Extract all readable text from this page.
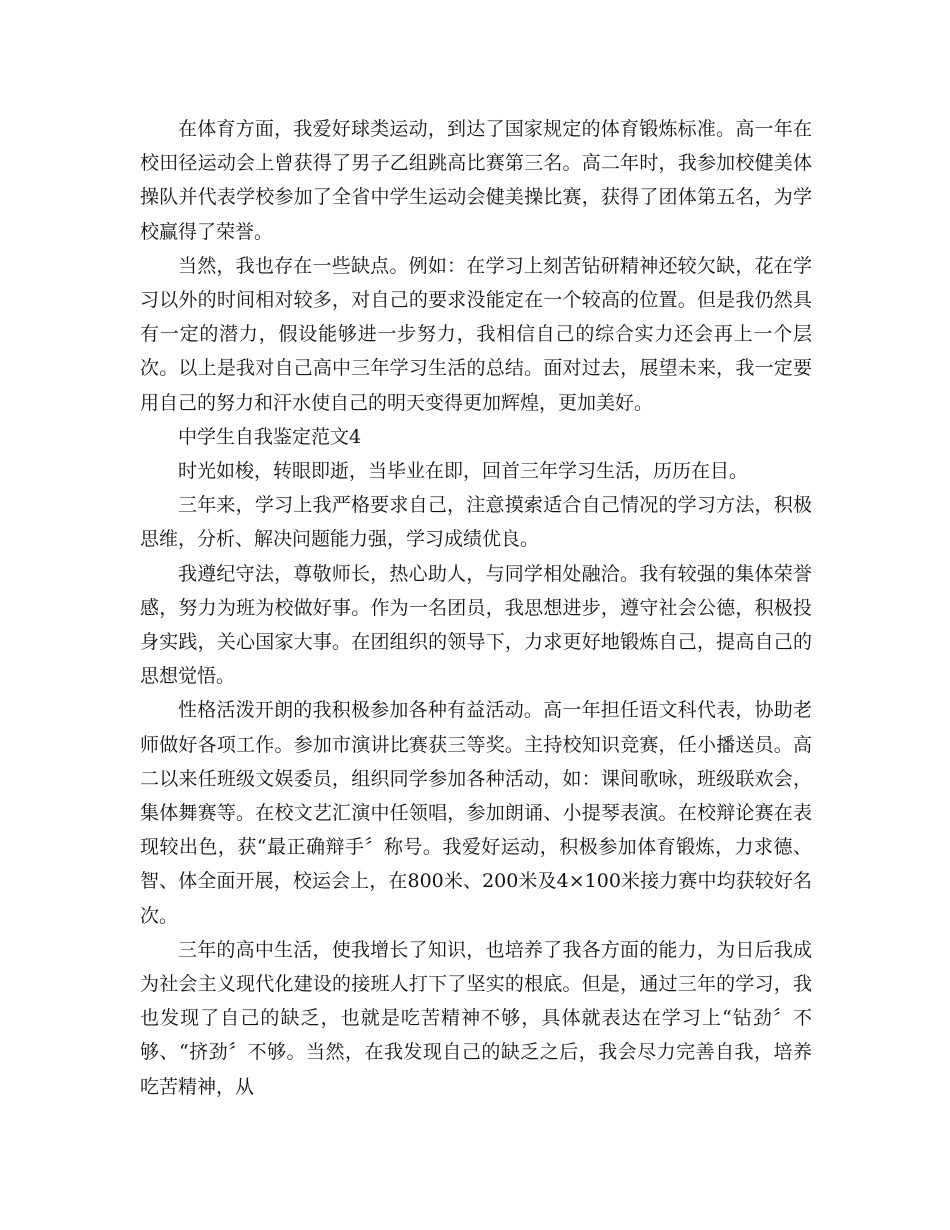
在体育方面，我爱好球类运动，到达了国家规定的体育锻炼标准。高一年在校田径运动会上曾获得了男子乙组跳高比赛第三名。高二年时，我参加校健美体操队并代表学校参加了全省中学生运动会健美操比赛，获得了团体第五名，为学校赢得了荣誉。

当然，我也存在一些缺点。例如：在学习上刻苦钻研精神还较欠缺，花在学习以外的时间相对较多，对自己的要求没能定在一个较高的位置。但是我仍然具有一定的潜力，假设能够进一步努力，我相信自己的综合实力还会再上一个层次。以上是我对自己高中三年学习生活的总结。面对过去，展望未来，我一定要用自己的努力和汗水使自己的明天变得更加辉煌，更加美好。

中学生自我鉴定范文4

时光如梭，转眼即逝，当毕业在即，回首三年学习生活，历历在目。

三年来，学习上我严格要求自己，注意摸索适合自己情况的学习方法，积极思维，分析、解决问题能力强，学习成绩优良。

我遵纪守法，尊敬师长，热心助人，与同学相处融洽。我有较强的集体荣誉感，努力为班为校做好事。作为一名团员，我思想进步，遵守社会公德，积极投身实践，关心国家大事。在团组织的领导下，力求更好地锻炼自己，提高自己的思想觉悟。

性格活泼开朗的我积极参加各种有益活动。高一年担任语文科代表，协助老师做好各项工作。参加市演讲比赛获三等奖。主持校知识竞赛，任小播送员。高二以来任班级文娱委员，组织同学参加各种活动，如：课间歌咏，班级联欢会，集体舞赛等。在校文艺汇演中任领唱，参加朗诵、小提琴表演。在校辩论赛在表现较出色，获“最正确辩手〞称号。我爱好运动，积极参加体育锻炼，力求德、智、体全面开展，校运会上，在800米、200米及4×100米接力赛中均获较好名次。

三年的高中生活，使我增长了知识，也培养了我各方面的能力，为日后我成为社会主义现代化建设的接班人打下了坚实的根底。但是，通过三年的学习，我也发现了自己的缺乏，也就是吃苦精神不够，具体就表达在学习上“钻劲〞不够、“挤劲〞不够。当然，在我发现自己的缺乏之后，我会尽力完善自我，培养吃苦精神，从
